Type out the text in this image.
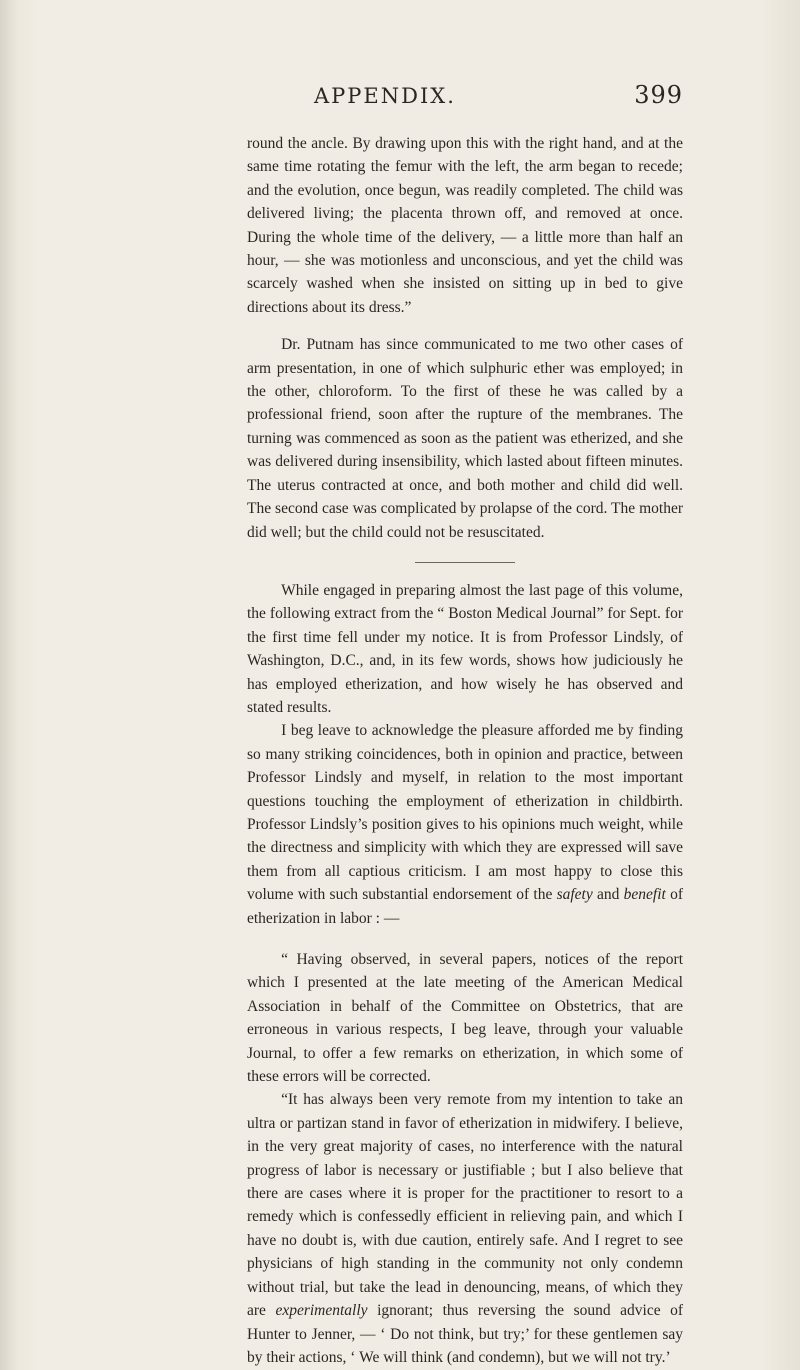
APPENDIX.	399

round the ancle. By drawing upon this with the right hand, and at the same time rotating the femur with the left, the arm began to recede; and the evolution, once begun, was readily completed. The child was delivered living; the placenta thrown off, and removed at once. During the whole time of the delivery, — a little more than half an hour, — she was motionless and unconscious, and yet the child was scarcely washed when she insisted on sitting up in bed to give directions about its dress.”

Dr. Putnam has since communicated to me two other cases of arm presentation, in one of which sulphuric ether was employed; in the other, chloroform. To the first of these he was called by a professional friend, soon after the rupture of the membranes. The turning was commenced as soon as the patient was etherized, and she was delivered during insensibility, which lasted about fifteen minutes. The uterus contracted at once, and both mother and child did well. The second case was complicated by prolapse of the cord. The mother did well; but the child could not be resuscitated.

While engaged in preparing almost the last page of this volume, the following extract from the “ Boston Medical Journal” for Sept. for the first time fell under my notice. It is from Professor Lindsly, of Washington, D.C., and, in its few words, shows how judiciously he has employed etherization, and how wisely he has observed and stated results.

I beg leave to acknowledge the pleasure afforded me by finding so many striking coincidences, both in opinion and practice, between Professor Lindsly and myself, in relation to the most important questions touching the employment of etherization in childbirth. Professor Lindsly’s position gives to his opinions much weight, while the directness and simplicity with which they are expressed will save them from all captious criticism. I am most happy to close this volume with such substantial endorsement of the safety and benefit of etherization in labor : —

“ Having observed, in several papers, notices of the report which I presented at the late meeting of the American Medical Association in behalf of the Committee on Obstetrics, that are erroneous in various respects, I beg leave, through your valuable Journal, to offer a few remarks on etherization, in which some of these errors will be corrected.

“It has always been very remote from my intention to take an ultra or partizan stand in favor of etherization in midwifery. I believe, in the very great majority of cases, no interference with the natural progress of labor is necessary or justifiable ; but I also believe that there are cases where it is proper for the practitioner to resort to a remedy which is confessedly efficient in relieving pain, and which I have no doubt is, with due caution, entirely safe. And I regret to see physicians of high standing in the community not only condemn without trial, but take the lead in denouncing, means, of which they are experimentally ignorant; thus reversing the sound advice of Hunter to Jenner, — ‘ Do not think, but try;’ for these gentlemen say by their actions, ‘ We will think (and condemn), but we will not try.’
